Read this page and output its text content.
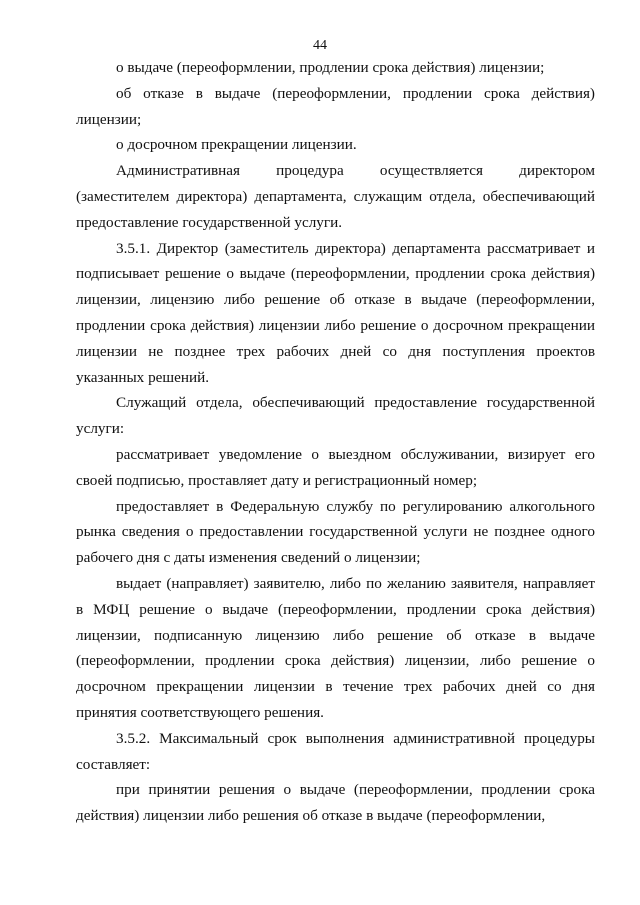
44

о выдаче (переоформлении, продлении срока действия) лицензии;

об отказе в выдаче (переоформлении, продлении срока действия) лицензии;

о досрочном прекращении лицензии.

Административная процедура осуществляется директором (заместителем директора) департамента, служащим отдела, обеспечивающий предоставление государственной услуги.

3.5.1. Директор (заместитель директора) департамента рассматривает и подписывает решение о выдаче (переоформлении, продлении срока действия) лицензии, лицензию либо решение об отказе в выдаче (переоформлении, продлении срока действия) лицензии либо решение о досрочном прекращении лицензии не позднее трех рабочих дней со дня поступления проектов указанных решений.

Служащий отдела, обеспечивающий предоставление государственной услуги:

рассматривает уведомление о выездном обслуживании, визирует его своей подписью, проставляет дату и регистрационный номер;

предоставляет в Федеральную службу по регулированию алкогольного рынка сведения о предоставлении государственной услуги не позднее одного рабочего дня с даты изменения сведений о лицензии;

выдает (направляет) заявителю, либо по желанию заявителя, направляет в МФЦ решение о выдаче (переоформлении, продлении срока действия) лицензии, подписанную лицензию либо решение об отказе в выдаче (переоформлении, продлении срока действия) лицензии, либо решение о досрочном прекращении лицензии в течение трех рабочих дней со дня принятия соответствующего решения.

3.5.2. Максимальный срок выполнения административной процедуры составляет:

при принятии решения о выдаче (переоформлении, продлении срока действия) лицензии либо решения об отказе в выдаче (переоформлении,
